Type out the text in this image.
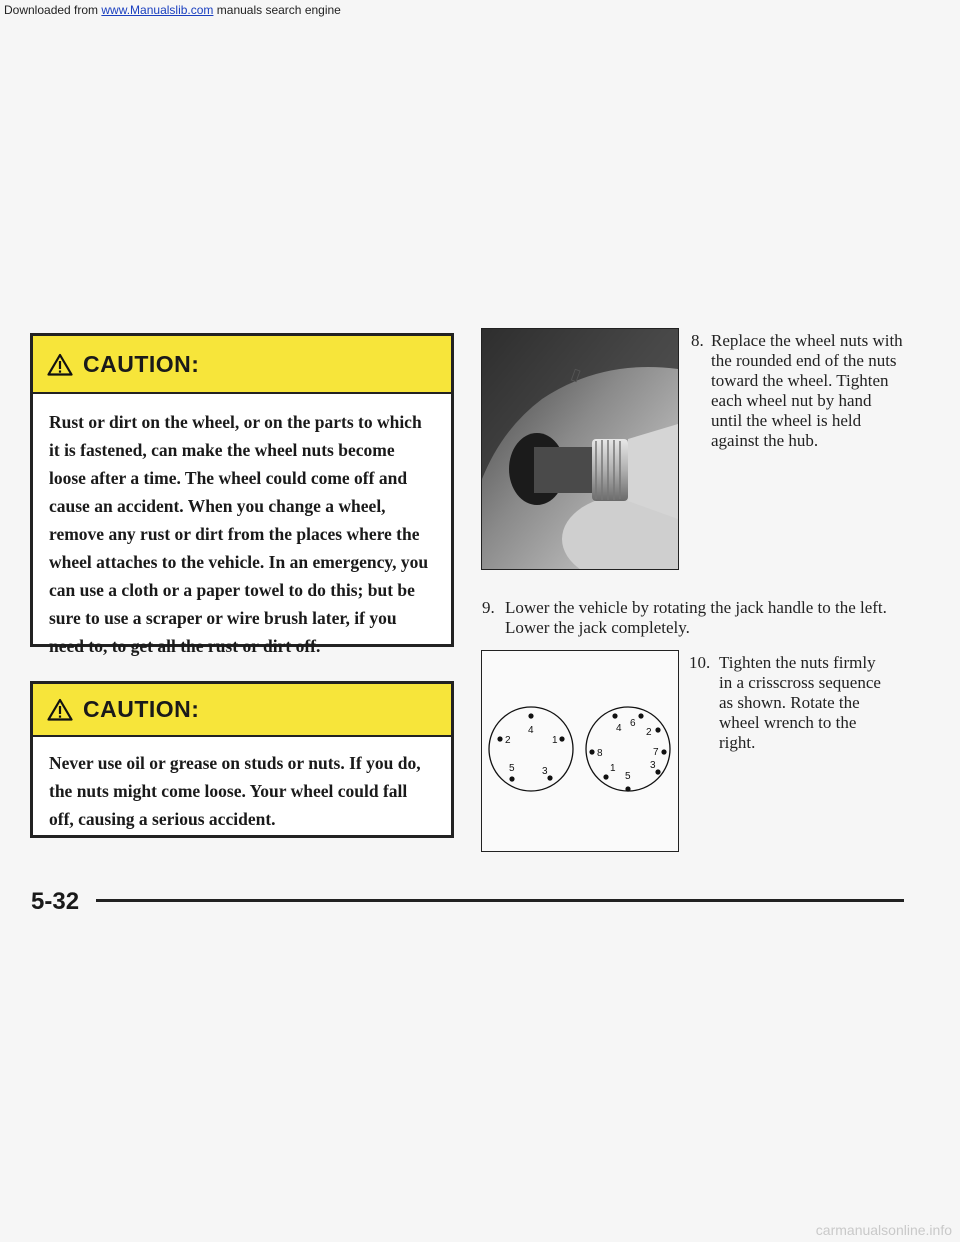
Downloaded from www.Manualslib.com manuals search engine
CAUTION:
Rust or dirt on the wheel, or on the parts to which it is fastened, can make the wheel nuts become loose after a time. The wheel could come off and cause an accident. When you change a wheel, remove any rust or dirt from the places where the wheel attaches to the vehicle. In an emergency, you can use a cloth or a paper towel to do this; but be sure to use a scraper or wire brush later, if you need to, to get all the rust or dirt off.
CAUTION:
Never use oil or grease on studs or nuts. If you do, the nuts might come loose. Your wheel could fall off, causing a serious accident.
▭
8. Replace the wheel nuts with the rounded end of the nuts toward the wheel. Tighten each wheel nut by hand until the wheel is held against the hub.
9. Lower the vehicle by rotating the jack handle to the left. Lower the jack completely.
4
1
2
3
5
4 6
2
7
3
5
1
8
10. Tighten the nuts firmly in a crisscross sequence as shown. Rotate the wheel wrench to the right.
5-32
carmanualsonline.info
